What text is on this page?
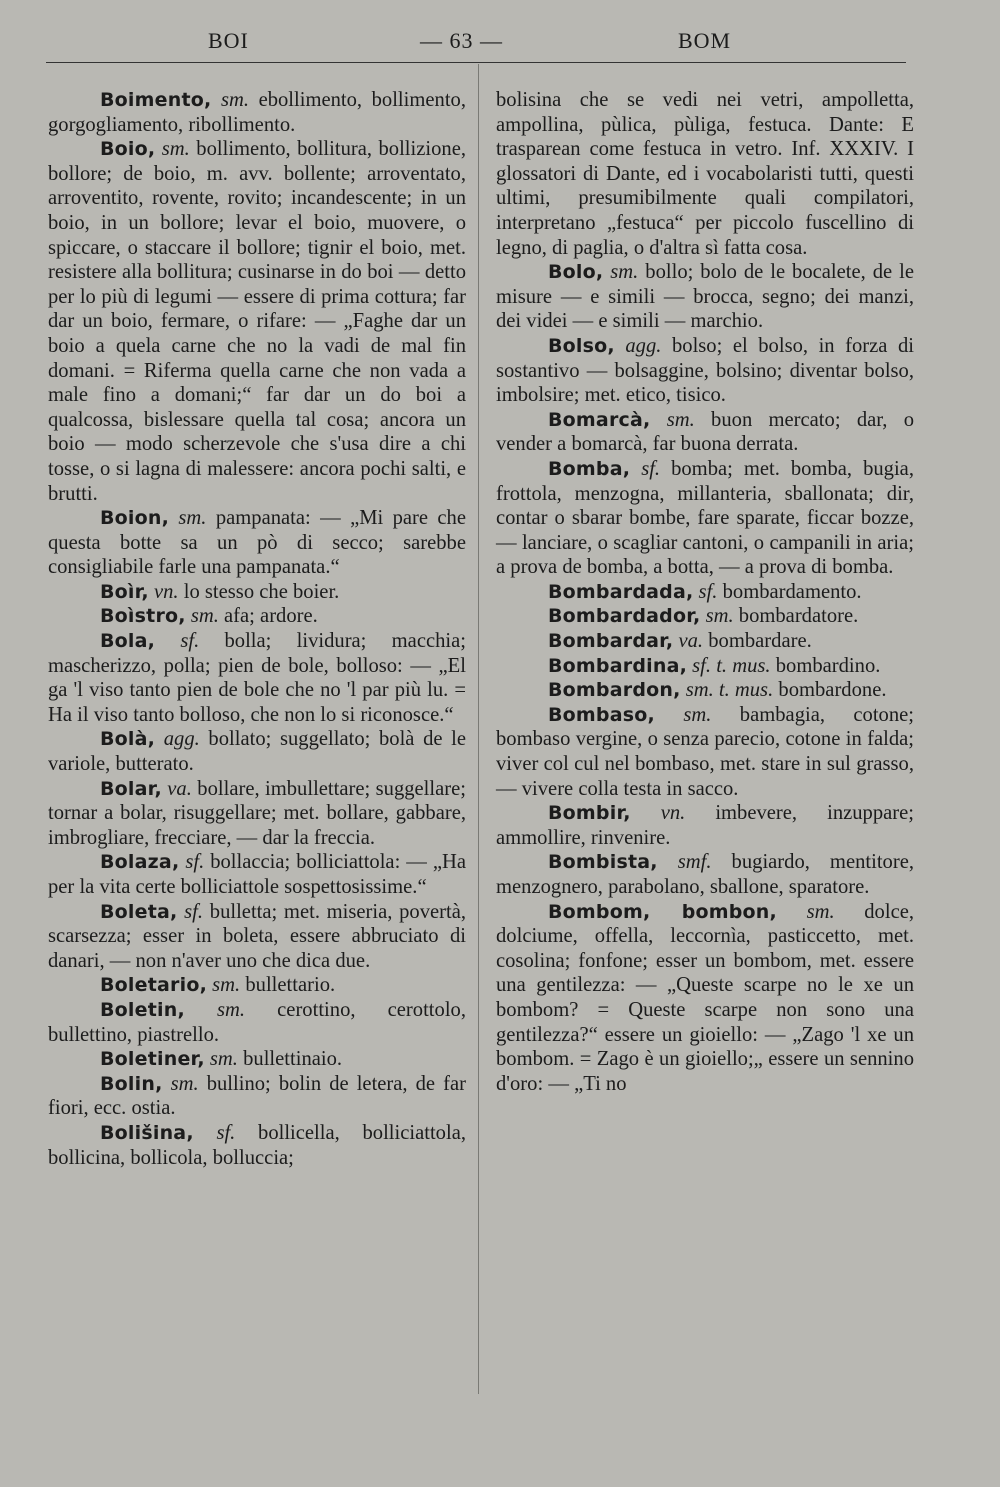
BOI	— 63 —	BOM

Boimento, sm. ebollimento, bollimento, gorgogliamento, ribollimento.

Boio, sm. bollimento, bollitura, bollizione, bollore; de boio, m. avv. bollente; arroventato, arroventito, rovente, rovito; incandescente; in un boio, in un bollore; levar el boio, muovere, o spiccare, o staccare il bollore; tignir el boio, met. resistere alla bollitura; cusinarse in do boi — detto per lo più di legumi — essere di prima cottura; far dar un boio, fermare, o rifare: — „Faghe dar un boio a quela carne che no la vadi de mal fin domani. = Riferma quella carne che non vada a male fino a domani;“ far dar un do boi a qualcossa, bislessare quella tal cosa; ancora un boio — modo scherzevole che s'usa dire a chi tosse, o si lagna di malessere: ancora pochi salti, e brutti.

Boion, sm. pampanata: — „Mi pare che questa botte sa un pò di secco; sarebbe consigliabile farle una pampanata.“

Boìr, vn. lo stesso che boier.

Boìstro, sm. afa; ardore.

Bola, sf. bolla; lividura; macchia; mascherizzo, polla; pien de bole, bolloso: — „El ga 'l viso tanto pien de bole che no 'l par più lu. = Ha il viso tanto bolloso, che non lo si riconosce.“

Bolà, agg. bollato; suggellato; bolà de le variole, butterato.

Bolar, va. bollare, imbullettare; suggellare; tornar a bolar, risuggellare; met. bollare, gabbare, imbrogliare, frecciare, — dar la freccia.

Bolaza, sf. bollaccia; bolliciattola: — „Ha per la vita certe bolliciattole sospettosissime.“

Boleta, sf. bulletta; met. miseria, povertà, scarsezza; esser in boleta, essere abbruciato di danari, — non n'aver uno che dica due.

Boletario, sm. bullettario.

Boletin, sm. cerottino, cerottolo, bullettino, piastrello.

Boletiner, sm. bullettinaio.

Bolin, sm. bullino; bolin de letera, de far fiori, ecc. ostia.

Bolišina, sf. bollicella, bolliciattola, bollicina, bollicola, bolluccia;

bolisina che se vedi nei vetri, ampolletta, ampollina, pùlica, pùliga, festuca. Dante: E trasparean come festuca in vetro. Inf. XXXIV. I glossatori di Dante, ed i vocabolaristi tutti, questi ultimi, presumibilmente quali compilatori, interpretano „festuca“ per piccolo fuscellino di legno, di paglia, o d'altra sì fatta cosa.

Bolo, sm. bollo; bolo de le bocalete, de le misure — e simili — brocca, segno; dei manzi, dei videi — e simili — marchio.

Bolso, agg. bolso; el bolso, in forza di sostantivo — bolsaggine, bolsino; diventar bolso, imbolsire; met. etico, tisico.

Bomarcà, sm. buon mercato; dar, o vender a bomarcà, far buona derrata.

Bomba, sf. bomba; met. bomba, bugia, frottola, menzogna, millanteria, sballonata; dir, contar o sbarar bombe, fare sparate, ficcar bozze, — lanciare, o scagliar cantoni, o campanili in aria; a prova de bomba, a botta, — a prova di bomba.

Bombardada, sf. bombardamento.

Bombardador, sm. bombardatore.

Bombardar, va. bombardare.

Bombardina, sf. t. mus. bombardino.

Bombardon, sm. t. mus. bombardone.

Bombaso, sm. bambagia, cotone; bombaso vergine, o senza parecio, cotone in falda; viver col cul nel bombaso, met. stare in sul grasso, — vivere colla testa in sacco.

Bombir, vn. imbevere, inzuppare; ammollire, rinvenire.

Bombista, smf. bugiardo, mentitore, menzognero, parabolano, sballone, sparatore.

Bombom, bombon, sm. dolce, dolciume, offella, leccornìa, pasticcetto, met. cosolina; fonfone; esser un bombom, met. essere una gentilezza: — „Queste scarpe no le xe un bombom? = Queste scarpe non sono una gentilezza?“ essere un gioiello: — „Zago 'l xe un bombom. = Zago è un gioiello;„ essere un sennino d'oro: — „Ti no
